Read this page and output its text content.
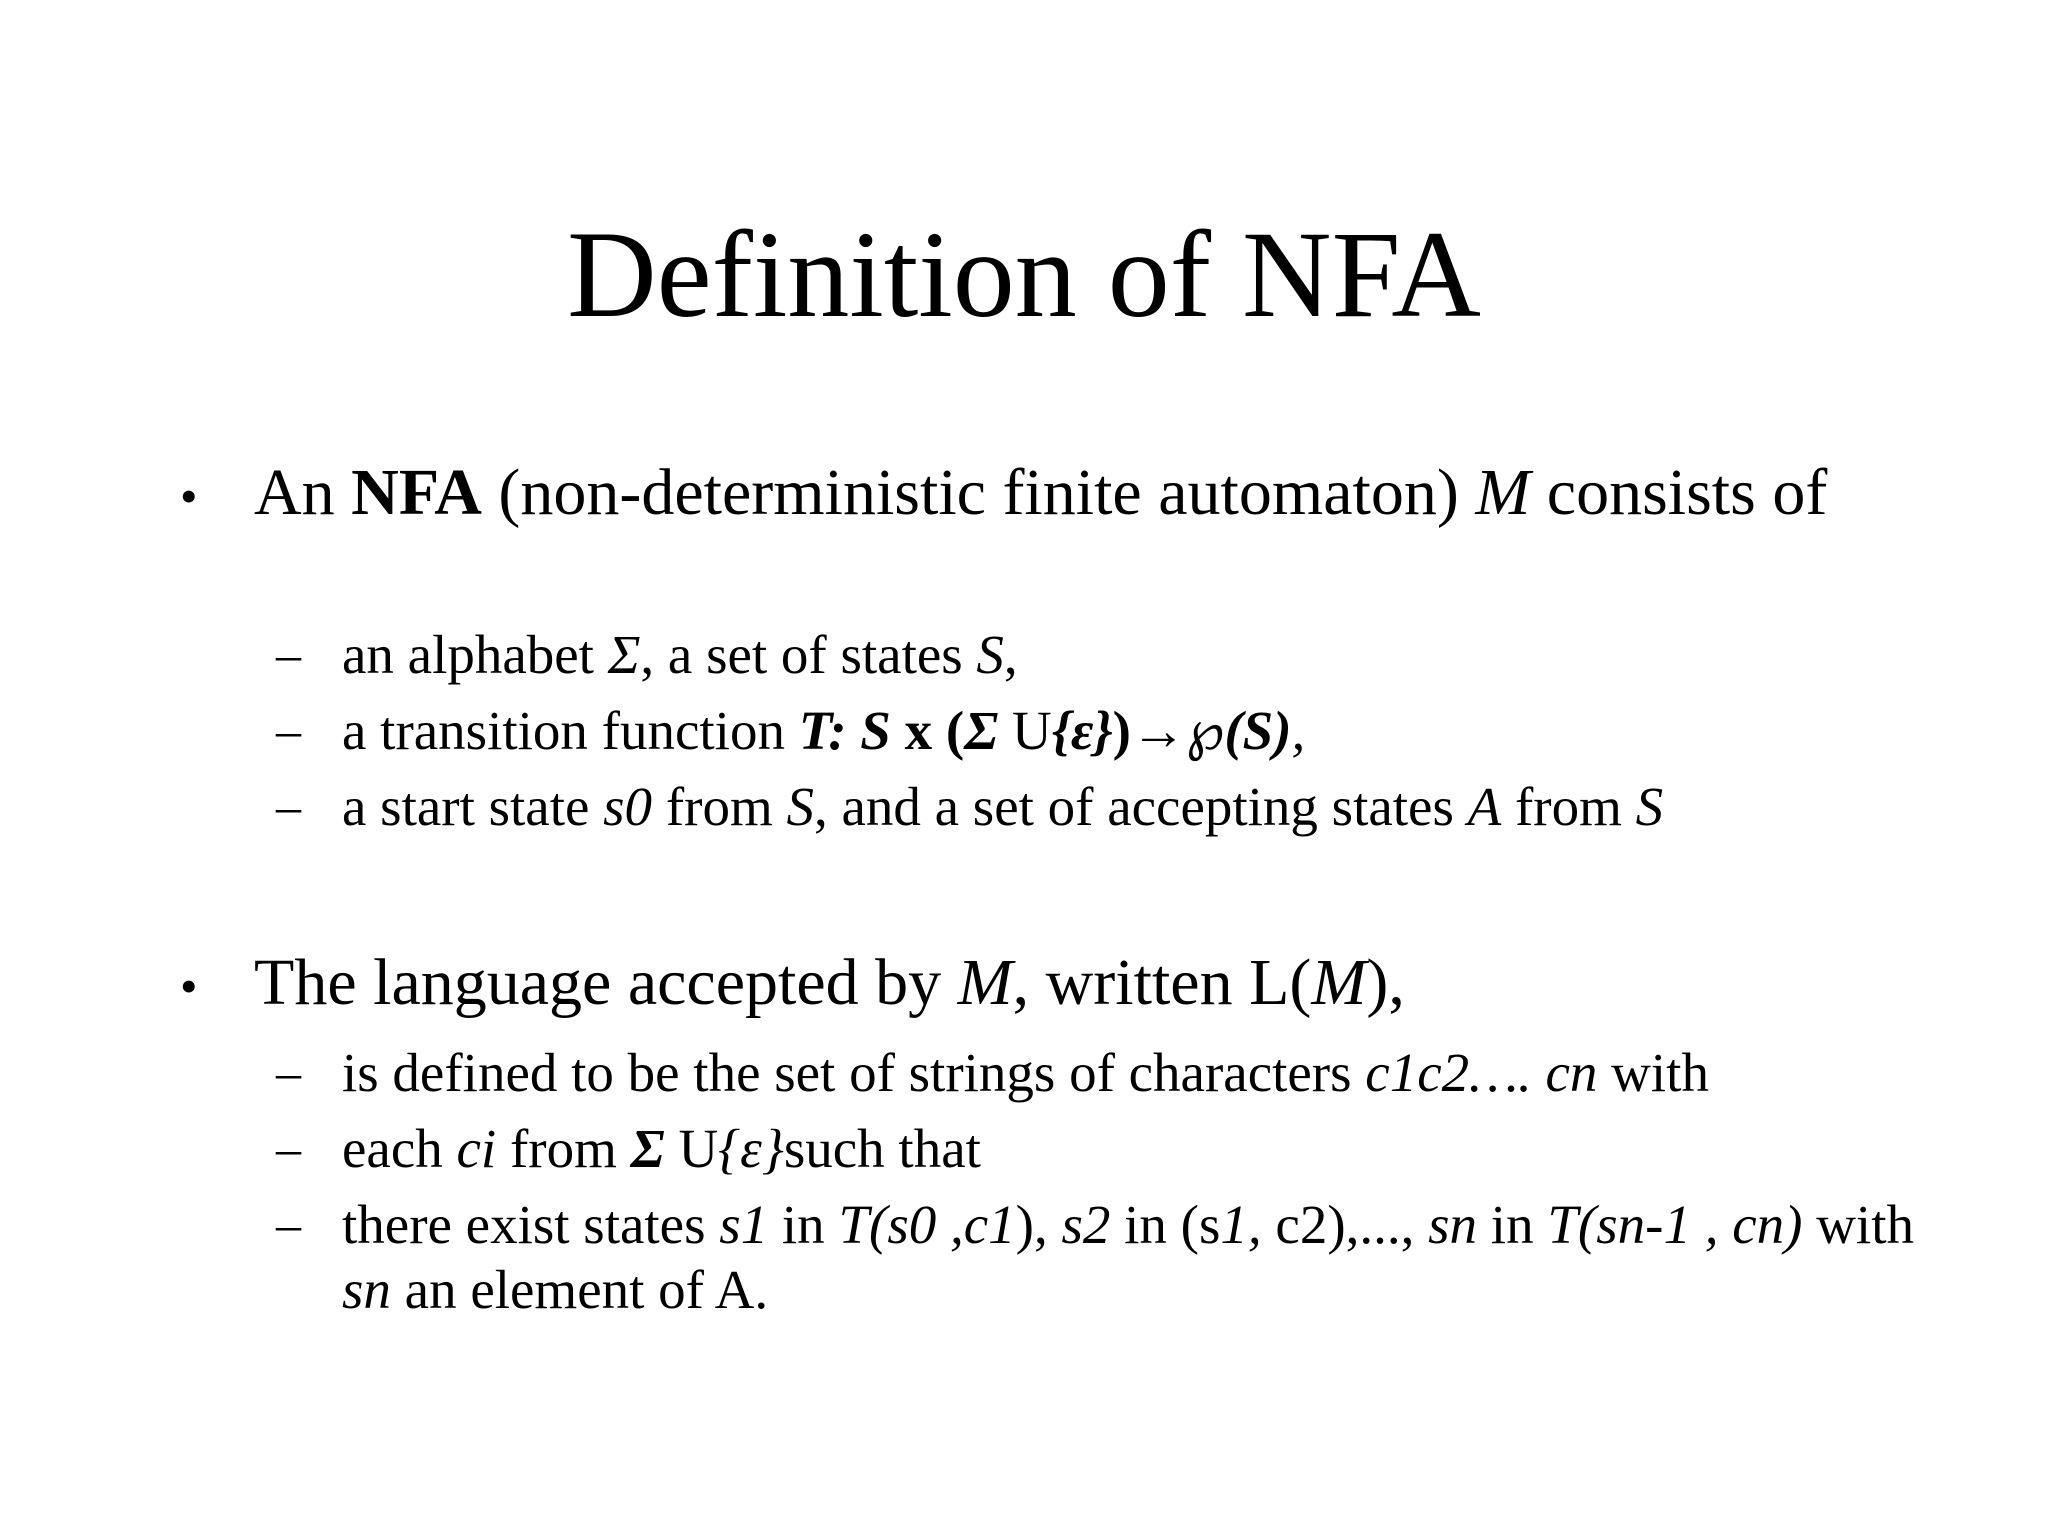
Definition of NFA
• An NFA (non-deterministic finite automaton) M consists of
– an alphabet Σ, a set of states S,
– a transition function T: S x (Σ U{ε})→℘(S),
– a start state s0 from S, and a set of accepting states A from S
• The language accepted by M, written L(M),
– is defined to be the set of strings of characters c1c2…. cn with
– each ci from Σ U{ε}such that
– there exist states s1 in T(s0 ,c1), s2 in (s1, c2),..., sn in T(sn-1 , cn) with sn an element of A.
